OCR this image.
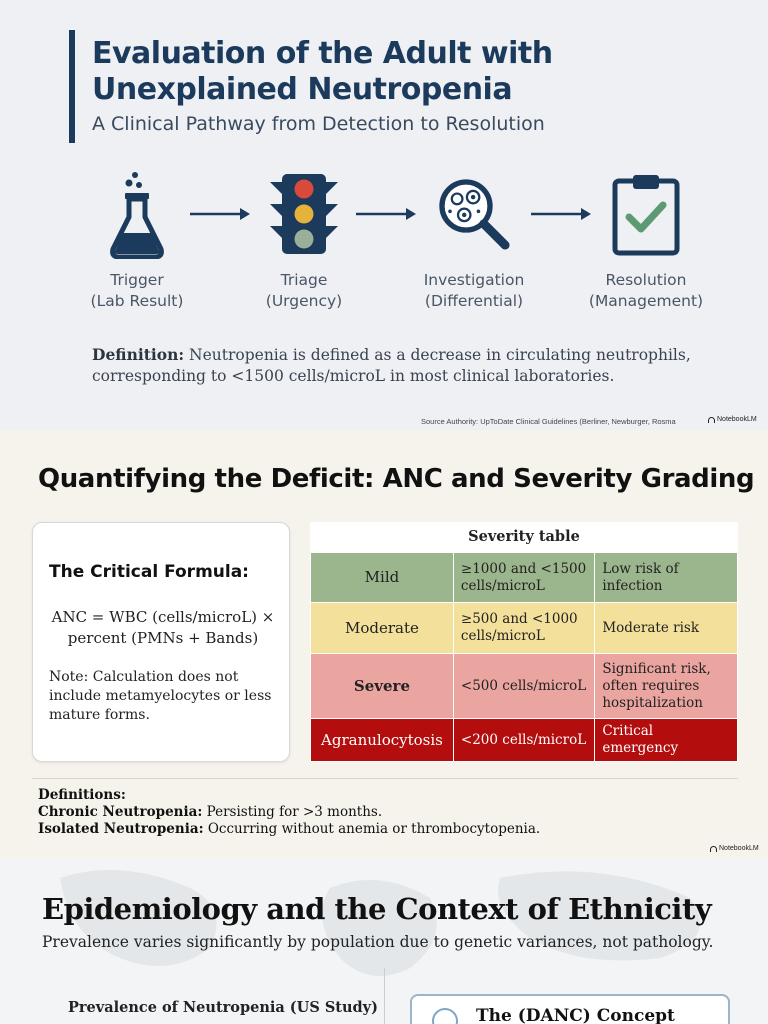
Evaluation of the Adult with Unexplained Neutropenia
A Clinical Pathway from Detection to Resolution
Trigger
(Lab Result)
Triage
(Urgency)
Investigation
(Differential)
Resolution
(Management)

Definition: Neutropenia is defined as a decrease in circulating neutrophils, corresponding to <1500 cells/microL in most clinical laboratories.

Source Authority: UpToDate Clinical Guidelines (Berliner, Newburger, Rosma	NotebookLM
Quantifying the Deficit: ANC and Severity Grading
The Critical Formula:
ANC = WBC (cells/microL) × percent (PMNs + Bands)
Note: Calculation does not include metamyelocytes or less mature forms.
Severity table
Mild	≥1000 and <1500 cells/microL	Low risk of infection
Moderate	≥500 and <1000 cells/microL	Moderate risk
Severe	<500 cells/microL	Significant risk, often requires hospitalization
Agranulocytosis	<200 cells/microL	Critical emergency
Definitions:
Chronic Neutropenia: Persisting for >3 months.
Isolated Neutropenia: Occurring without anemia or thrombocytopenia.
NotebookLM
Epidemiology and the Context of Ethnicity
Prevalence varies significantly by population due to genetic variances, not pathology.
Prevalence of Neutropenia (US Study)	The (DANC) Concept
